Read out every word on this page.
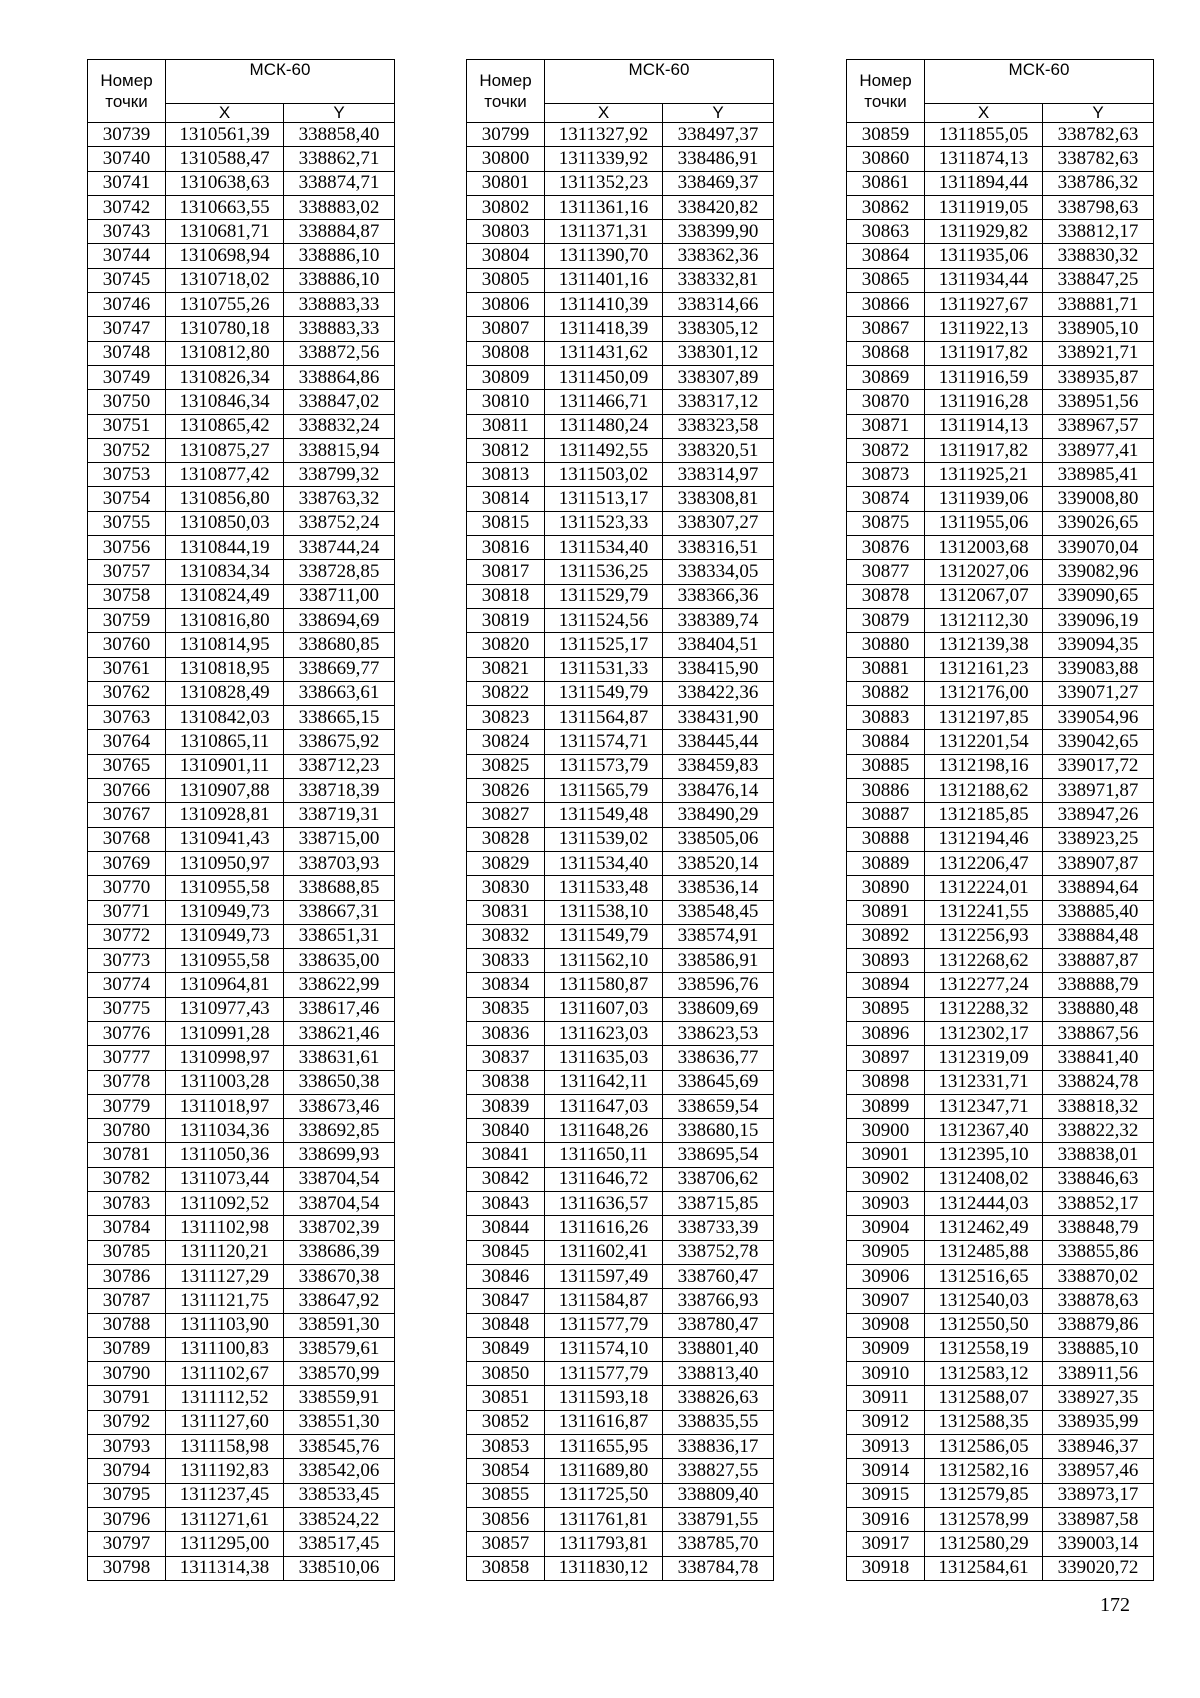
Номер
точки	МСК-60	
	X	Y
30739	1310561,39	338858,40
30740	1310588,47	338862,71
30741	1310638,63	338874,71
30742	1310663,55	338883,02
30743	1310681,71	338884,87
30744	1310698,94	338886,10
30745	1310718,02	338886,10
30746	1310755,26	338883,33
30747	1310780,18	338883,33
30748	1310812,80	338872,56
30749	1310826,34	338864,86
30750	1310846,34	338847,02
30751	1310865,42	338832,24
30752	1310875,27	338815,94
30753	1310877,42	338799,32
30754	1310856,80	338763,32
30755	1310850,03	338752,24
30756	1310844,19	338744,24
30757	1310834,34	338728,85
30758	1310824,49	338711,00
30759	1310816,80	338694,69
30760	1310814,95	338680,85
30761	1310818,95	338669,77
30762	1310828,49	338663,61
30763	1310842,03	338665,15
30764	1310865,11	338675,92
30765	1310901,11	338712,23
30766	1310907,88	338718,39
30767	1310928,81	338719,31
30768	1310941,43	338715,00
30769	1310950,97	338703,93
30770	1310955,58	338688,85
30771	1310949,73	338667,31
30772	1310949,73	338651,31
30773	1310955,58	338635,00
30774	1310964,81	338622,99
30775	1310977,43	338617,46
30776	1310991,28	338621,46
30777	1310998,97	338631,61
30778	1311003,28	338650,38
30779	1311018,97	338673,46
30780	1311034,36	338692,85
30781	1311050,36	338699,93
30782	1311073,44	338704,54
30783	1311092,52	338704,54
30784	1311102,98	338702,39
30785	1311120,21	338686,39
30786	1311127,29	338670,38
30787	1311121,75	338647,92
30788	1311103,90	338591,30
30789	1311100,83	338579,61
30790	1311102,67	338570,99
30791	1311112,52	338559,91
30792	1311127,60	338551,30
30793	1311158,98	338545,76
30794	1311192,83	338542,06
30795	1311237,45	338533,45
30796	1311271,61	338524,22
30797	1311295,00	338517,45
30798	1311314,38	338510,06
Номер
точки	МСК-60	
	X	Y
30799	1311327,92	338497,37
30800	1311339,92	338486,91
30801	1311352,23	338469,37
30802	1311361,16	338420,82
30803	1311371,31	338399,90
30804	1311390,70	338362,36
30805	1311401,16	338332,81
30806	1311410,39	338314,66
30807	1311418,39	338305,12
30808	1311431,62	338301,12
30809	1311450,09	338307,89
30810	1311466,71	338317,12
30811	1311480,24	338323,58
30812	1311492,55	338320,51
30813	1311503,02	338314,97
30814	1311513,17	338308,81
30815	1311523,33	338307,27
30816	1311534,40	338316,51
30817	1311536,25	338334,05
30818	1311529,79	338366,36
30819	1311524,56	338389,74
30820	1311525,17	338404,51
30821	1311531,33	338415,90
30822	1311549,79	338422,36
30823	1311564,87	338431,90
30824	1311574,71	338445,44
30825	1311573,79	338459,83
30826	1311565,79	338476,14
30827	1311549,48	338490,29
30828	1311539,02	338505,06
30829	1311534,40	338520,14
30830	1311533,48	338536,14
30831	1311538,10	338548,45
30832	1311549,79	338574,91
30833	1311562,10	338586,91
30834	1311580,87	338596,76
30835	1311607,03	338609,69
30836	1311623,03	338623,53
30837	1311635,03	338636,77
30838	1311642,11	338645,69
30839	1311647,03	338659,54
30840	1311648,26	338680,15
30841	1311650,11	338695,54
30842	1311646,72	338706,62
30843	1311636,57	338715,85
30844	1311616,26	338733,39
30845	1311602,41	338752,78
30846	1311597,49	338760,47
30847	1311584,87	338766,93
30848	1311577,79	338780,47
30849	1311574,10	338801,40
30850	1311577,79	338813,40
30851	1311593,18	338826,63
30852	1311616,87	338835,55
30853	1311655,95	338836,17
30854	1311689,80	338827,55
30855	1311725,50	338809,40
30856	1311761,81	338791,55
30857	1311793,81	338785,70
30858	1311830,12	338784,78
Номер
точки	МСК-60	
	X	Y
30859	1311855,05	338782,63
30860	1311874,13	338782,63
30861	1311894,44	338786,32
30862	1311919,05	338798,63
30863	1311929,82	338812,17
30864	1311935,06	338830,32
30865	1311934,44	338847,25
30866	1311927,67	338881,71
30867	1311922,13	338905,10
30868	1311917,82	338921,71
30869	1311916,59	338935,87
30870	1311916,28	338951,56
30871	1311914,13	338967,57
30872	1311917,82	338977,41
30873	1311925,21	338985,41
30874	1311939,06	339008,80
30875	1311955,06	339026,65
30876	1312003,68	339070,04
30877	1312027,06	339082,96
30878	1312067,07	339090,65
30879	1312112,30	339096,19
30880	1312139,38	339094,35
30881	1312161,23	339083,88
30882	1312176,00	339071,27
30883	1312197,85	339054,96
30884	1312201,54	339042,65
30885	1312198,16	339017,72
30886	1312188,62	338971,87
30887	1312185,85	338947,26
30888	1312194,46	338923,25
30889	1312206,47	338907,87
30890	1312224,01	338894,64
30891	1312241,55	338885,40
30892	1312256,93	338884,48
30893	1312268,62	338887,87
30894	1312277,24	338888,79
30895	1312288,32	338880,48
30896	1312302,17	338867,56
30897	1312319,09	338841,40
30898	1312331,71	338824,78
30899	1312347,71	338818,32
30900	1312367,40	338822,32
30901	1312395,10	338838,01
30902	1312408,02	338846,63
30903	1312444,03	338852,17
30904	1312462,49	338848,79
30905	1312485,88	338855,86
30906	1312516,65	338870,02
30907	1312540,03	338878,63
30908	1312550,50	338879,86
30909	1312558,19	338885,10
30910	1312583,12	338911,56
30911	1312588,07	338927,35
30912	1312588,35	338935,99
30913	1312586,05	338946,37
30914	1312582,16	338957,46
30915	1312579,85	338973,17
30916	1312578,99	338987,58
30917	1312580,29	339003,14
30918	1312584,61	339020,72
172
